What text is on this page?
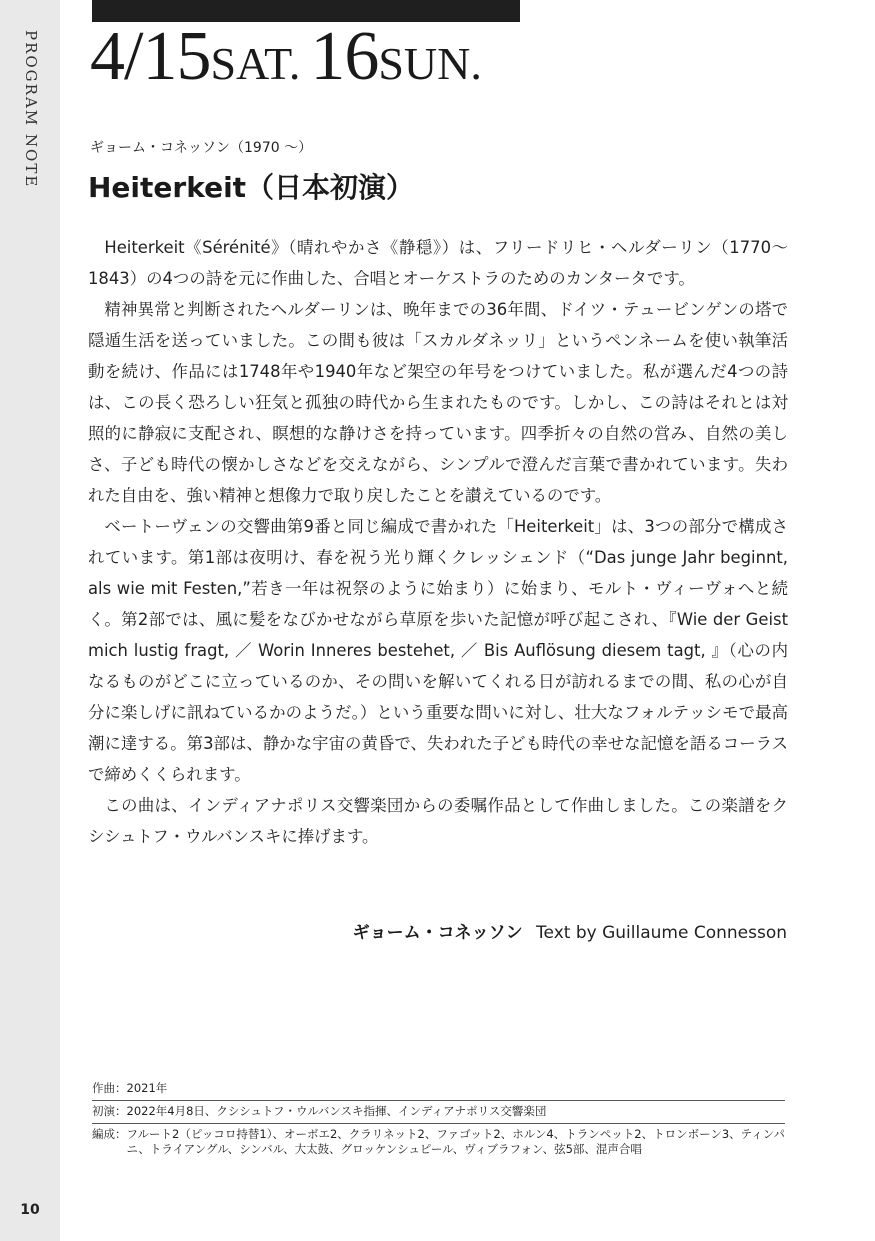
PROGRAM NOTE
10
4/15SAT. 16SUN.
ギョーム・コネッソン（1970 〜）
Heiterkeit（日本初演）

Heiterkeit《Sérénité》（晴れやかさ《静穏》）は、フリードリヒ・ヘルダーリン（1770〜1843）の4つの詩を元に作曲した、合唱とオーケストラのためのカンタータです。

精神異常と判断されたヘルダーリンは、晩年までの36年間、ドイツ・テュービンゲンの塔で隠遁生活を送っていました。この間も彼は「スカルダネッリ」というペンネームを使い執筆活動を続け、作品には1748年や1940年など架空の年号をつけていました。私が選んだ4つの詩は、この長く恐ろしい狂気と孤独の時代から生まれたものです。しかし、この詩はそれとは対照的に静寂に支配され、瞑想的な静けさを持っています。四季折々の自然の営み、自然の美しさ、子ども時代の懐かしさなどを交えながら、シンプルで澄んだ言葉で書かれています。失われた自由を、強い精神と想像力で取り戻したことを讃えているのです。

ベートーヴェンの交響曲第9番と同じ編成で書かれた「Heiterkeit」は、3つの部分で構成されています。第1部は夜明け、春を祝う光り輝くクレッシェンド（“Das junge Jahr beginnt, als wie mit Festen,”若き一年は祝祭のように始まり）に始まり、モルト・ヴィーヴォへと続く。第2部では、風に髪をなびかせながら草原を歩いた記憶が呼び起こされ、『Wie der Geist mich lustig fragt, ／ Worin Inneres bestehet, ／ Bis Auflösung diesem tagt, 』（心の内なるものがどこに立っているのか、その問いを解いてくれる日が訪れるまでの間、私の心が自分に楽しげに訊ねているかのようだ。）という重要な問いに対し、壮大なフォルテッシモで最高潮に達する。第3部は、静かな宇宙の黄昏で、失われた子ども時代の幸せな記憶を語るコーラスで締めくくられます。

この曲は、インディアナポリス交響楽団からの委嘱作品として作曲しました。この楽譜をクシシュトフ・ウルバンスキに捧げます。

ギョーム・コネッソン Text by Guillaume Connesson
作曲： 2021年
初演： 2022年4月8日、クシシュトフ・ウルバンスキ指揮、インディアナポリス交響楽団
編成： フルート2（ピッコロ持替1）、オーボエ2、クラリネット2、ファゴット2、ホルン4、トランペット2、トロンボーン3、ティンパニ、トライアングル、シンバル、大太鼓、グロッケンシュピール、ヴィブラフォン、弦5部、混声合唱
